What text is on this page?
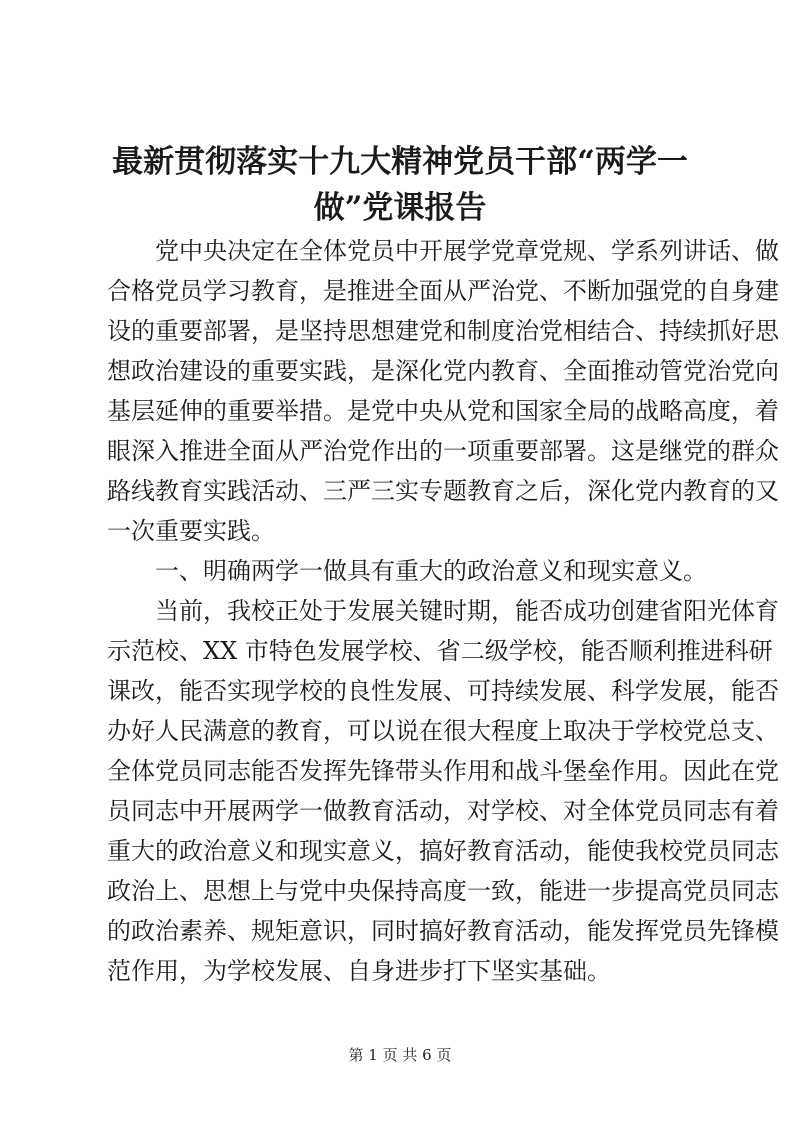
最新贯彻落实十九大精神党员干部“两学一
做”党课报告

党中央决定在全体党员中开展学党章党规、学系列讲话、做

合格党员学习教育，是推进全面从严治党、不断加强党的自身建

设的重要部署，是坚持思想建党和制度治党相结合、持续抓好思

想政治建设的重要实践，是深化党内教育、全面推动管党治党向

基层延伸的重要举措。是党中央从党和国家全局的战略高度，着

眼深入推进全面从严治党作出的一项重要部署。这是继党的群众

路线教育实践活动、三严三实专题教育之后，深化党内教育的又

一次重要实践。

一、明确两学一做具有重大的政治意义和现实意义。

当前，我校正处于发展关键时期，能否成功创建省阳光体育

示范校、XX 市特色发展学校、省二级学校，能否顺利推进科研

课改，能否实现学校的良性发展、可持续发展、科学发展，能否

办好人民满意的教育，可以说在很大程度上取决于学校党总支、

全体党员同志能否发挥先锋带头作用和战斗堡垒作用。因此在党

员同志中开展两学一做教育活动，对学校、对全体党员同志有着

重大的政治意义和现实意义，搞好教育活动，能使我校党员同志

政治上、思想上与党中央保持高度一致，能进一步提高党员同志

的政治素养、规矩意识，同时搞好教育活动，能发挥党员先锋模

范作用，为学校发展、自身进步打下坚实基础。

第 1 页 共 6 页
